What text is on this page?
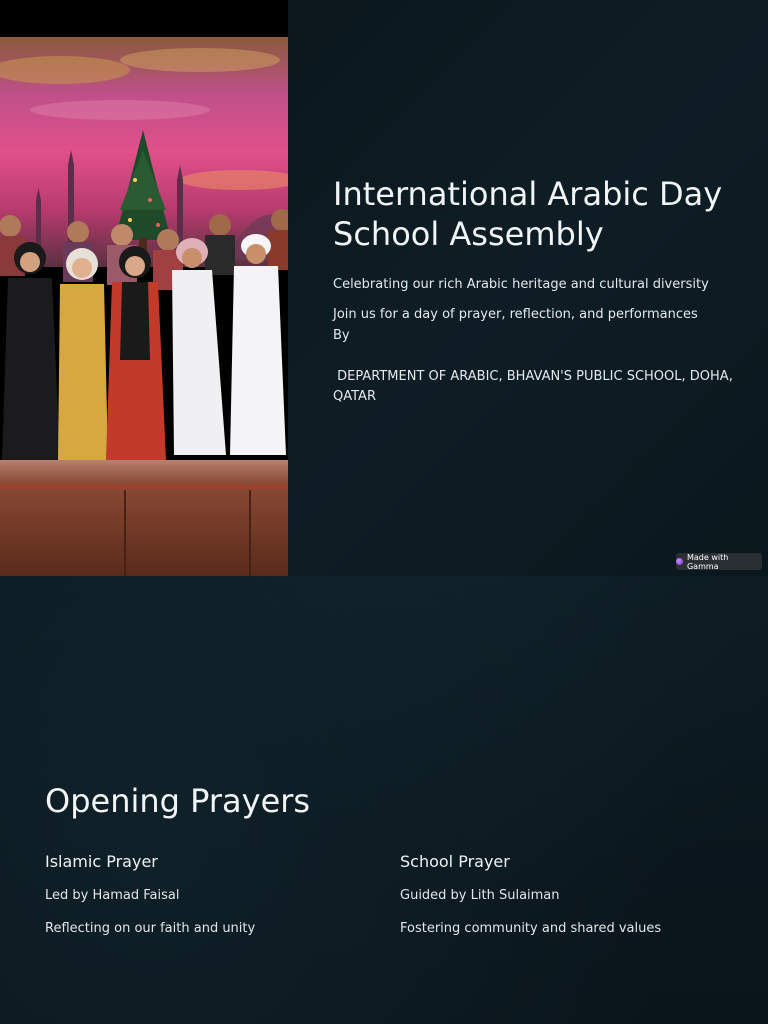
International Arabic Day School Assembly

Celebrating our rich Arabic heritage and cultural diversity

Join us for a day of prayer, reflection, and performances

By

DEPARTMENT OF ARABIC, BHAVAN'S PUBLIC SCHOOL, DOHA, QATAR

Made with Gamma
Opening Prayers
Islamic Prayer

Led by Hamad Faisal

Reflecting on our faith and unity

School Prayer

Guided by Lith Sulaiman

Fostering community and shared values
